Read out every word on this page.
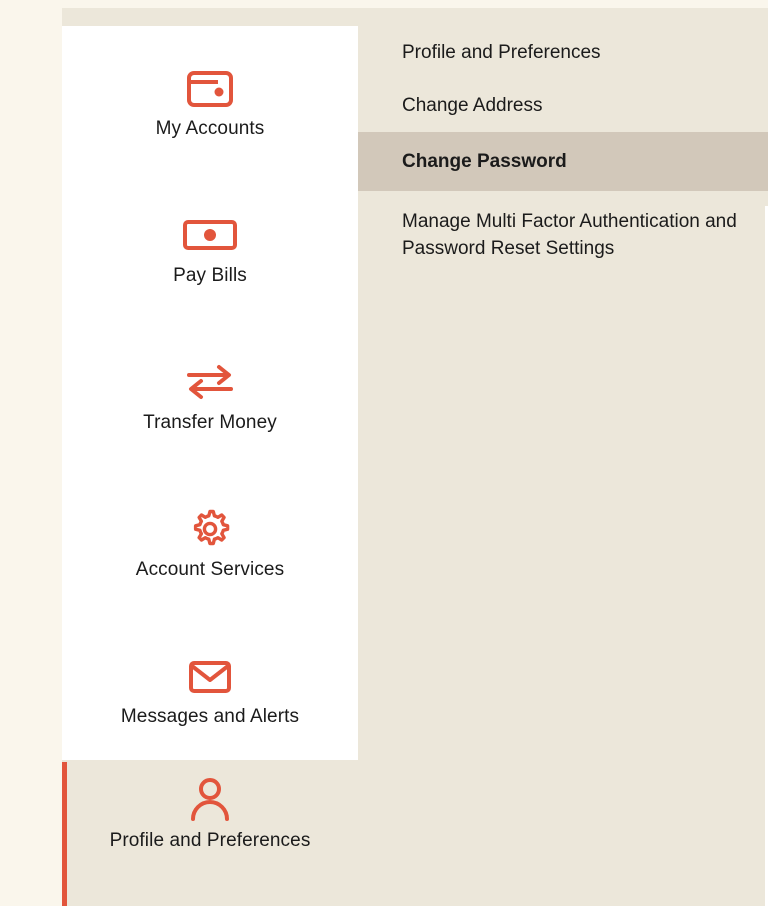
My Accounts
Pay Bills
Transfer Money
Account Services
Messages and Alerts
Profile and Preferences
Profile and Preferences
Change Address
Change Password
Manage Multi Factor Authentication and Password Reset Settings
